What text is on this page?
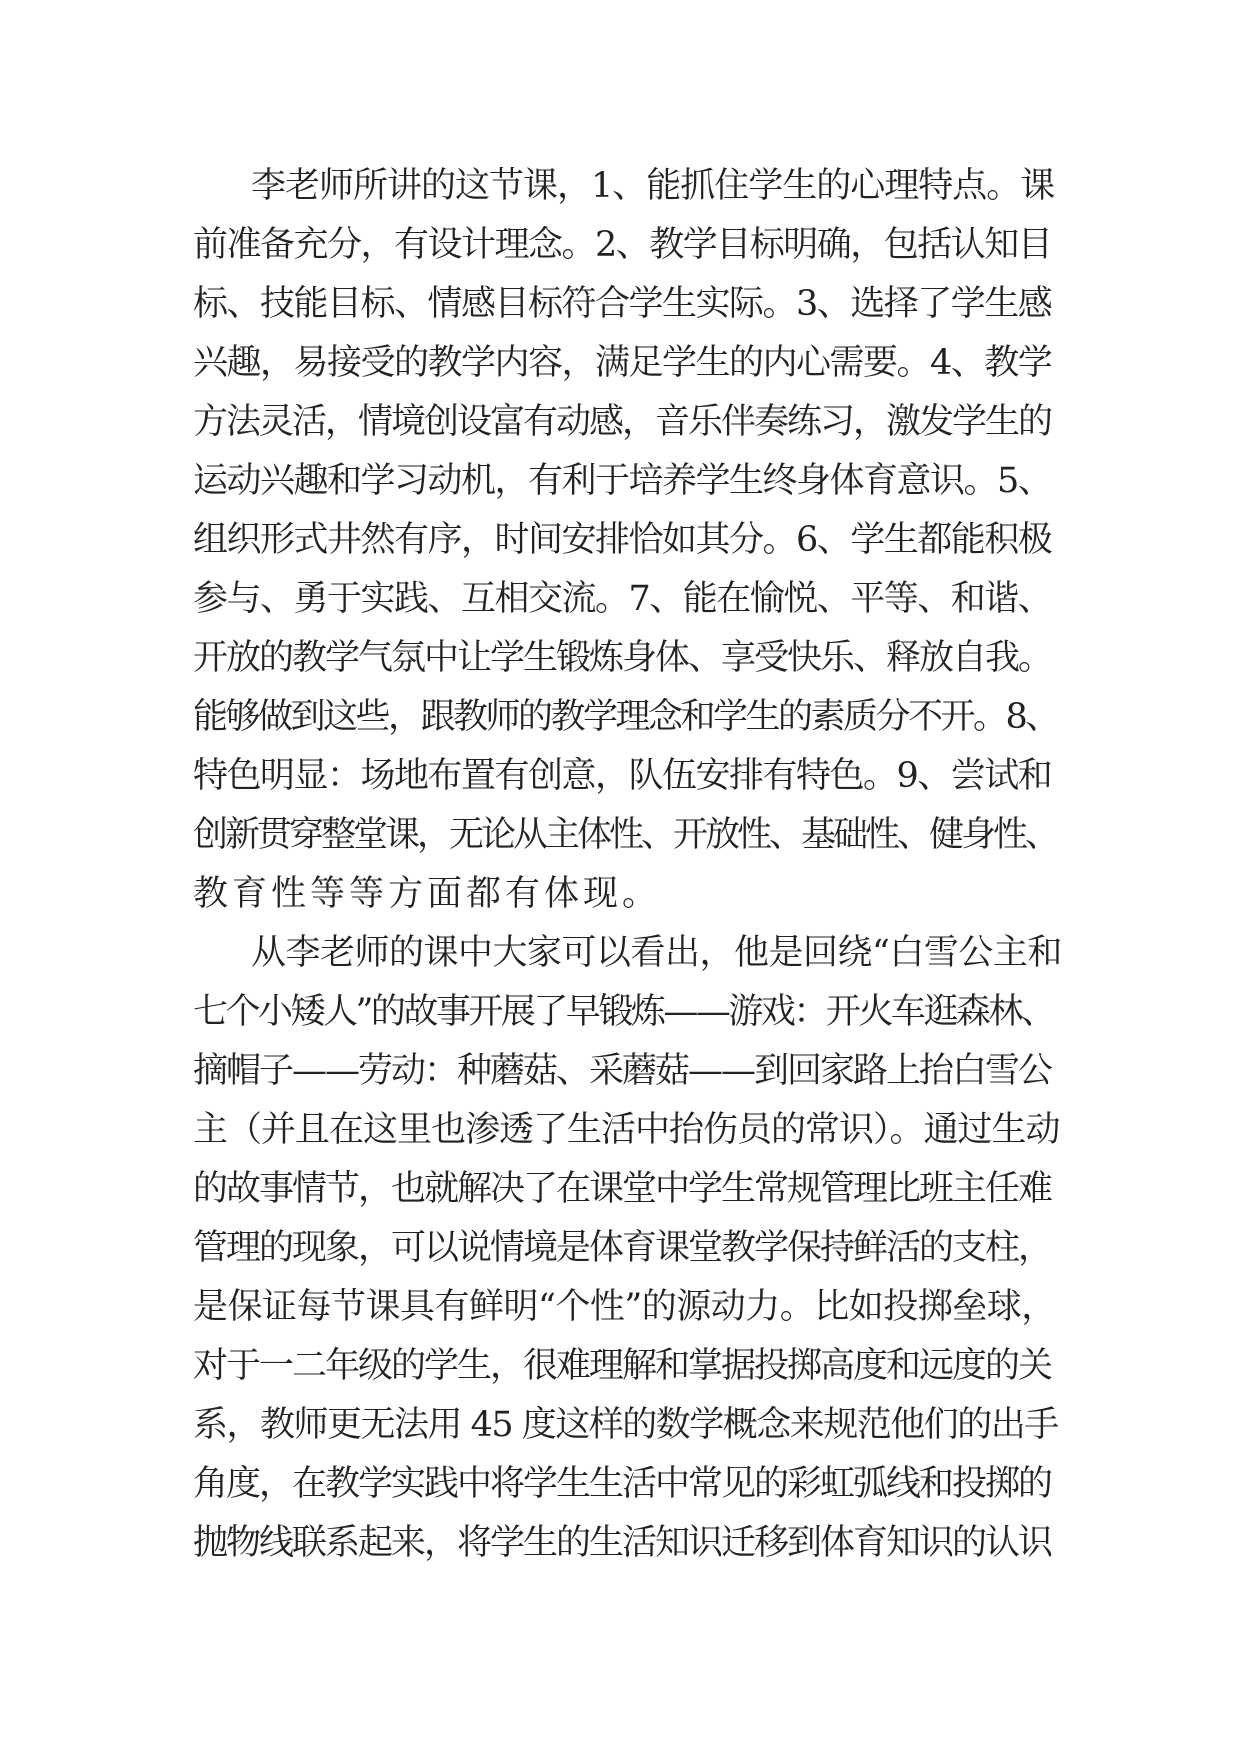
李老师所讲的这节课，1、能抓住学生的心理特点。课
前准备充分，有设计理念。2、教学目标明确，包括认知目
标、技能目标、情感目标符合学生实际。3、选择了学生感
兴趣，易接受的教学内容，满足学生的内心需要。4、教学
方法灵活，情境创设富有动感，音乐伴奏练习，激发学生的
运动兴趣和学习动机，有利于培养学生终身体育意识。5、
组织形式井然有序，时间安排恰如其分。6、学生都能积极
参与、勇于实践、互相交流。7、能在愉悦、平等、和谐、
开放的教学气氛中让学生锻炼身体、享受快乐、释放自我。
能够做到这些，跟教师的教学理念和学生的素质分不开。8、
特色明显：场地布置有创意，队伍安排有特色。9、尝试和
创新贯穿整堂课，无论从主体性、开放性、基础性、健身性、
教育性等等方面都有体现。
从李老师的课中大家可以看出，他是回绕“白雪公主和
七个小矮人”的故事开展了早锻炼——游戏：开火车逛森林、
摘帽子——劳动：种蘑菇、采蘑菇——到回家路上抬白雪公
主（并且在这里也渗透了生活中抬伤员的常识）。通过生动
的故事情节，也就解决了在课堂中学生常规管理比班主任难
管理的现象，可以说情境是体育课堂教学保持鲜活的支柱，
是保证每节课具有鲜明“个性”的源动力。比如投掷垒球，
对于一二年级的学生，很难理解和掌据投掷高度和远度的关
系，教师更无法用 45 度这样的数学概念来规范他们的出手
角度，在教学实践中将学生生活中常见的彩虹弧线和投掷的
抛物线联系起来，将学生的生活知识迁移到体育知识的认识
